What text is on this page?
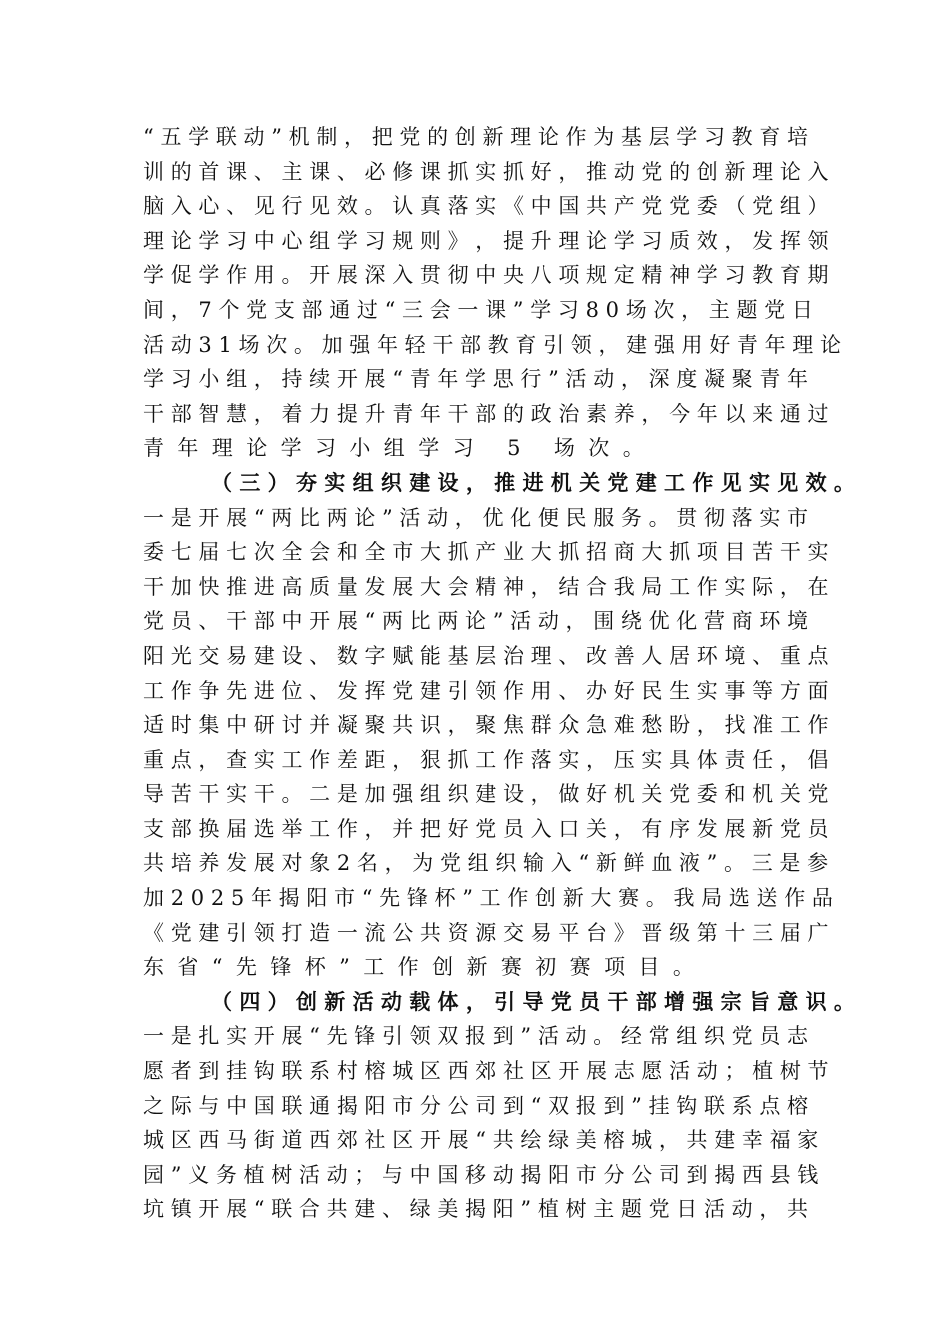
“ 五 学 联 动 ” 机 制 ， 把 党 的 创 新 理 论 作 为 基 层 学 习 教 育 培
训 的 首 课 、 主 课 、 必 修 课 抓 实 抓 好 ， 推 动 党 的 创 新 理 论 入
脑 入 心 、 见 行 见 效 。 认 真 落 实 《 中 国 共 产 党 党 委 （ 党 组 ）
理 论 学 习 中 心 组 学 习 规 则 》 ， 提 升 理 论 学 习 质 效 ， 发 挥 领
学 促 学 作 用 。 开 展 深 入 贯 彻 中 央 八 项 规 定 精 神 学 习 教 育 期
间 ， 7 个 党 支 部 通 过 “ 三 会 一 课 ” 学 习 8 0 场 次 ， 主 题 党 日
活 动 3 1 场 次 。 加 强 年 轻 干 部 教 育 引 领 ， 建 强 用 好 青 年 理 论
学 习 小 组 ， 持 续 开 展 “ 青 年 学 思 行 ” 活 动 ， 深 度 凝 聚 青 年
干 部 智 慧 ， 着 力 提 升 青 年 干 部 的 政 治 素 养 ， 今 年 以 来 通 过
青年理论学习小组学习 5 场次。
（ 三 ） 夯 实 组 织 建 设 ， 推 进 机 关 党 建 工 作 见 实 见 效 。
一 是 开 展 “ 两 比 两 论 ” 活 动 ， 优 化 便 民 服 务 。 贯 彻 落 实 市
委 七 届 七 次 全 会 和 全 市 大 抓 产 业 大 抓 招 商 大 抓 项 目 苦 干 实
干 加 快 推 进 高 质 量 发 展 大 会 精 神 ， 结 合 我 局 工 作 实 际 ， 在
党 员 、 干 部 中 开 展 “ 两 比 两 论 ” 活 动 ， 围 绕 优 化 营 商 环 境
阳 光 交 易 建 设 、 数 字 赋 能 基 层 治 理 、 改 善 人 居 环 境 、 重 点
工 作 争 先 进 位 、 发 挥 党 建 引 领 作 用 、 办 好 民 生 实 事 等 方 面
适 时 集 中 研 讨 并 凝 聚 共 识 ， 聚 焦 群 众 急 难 愁 盼 ， 找 准 工 作
重 点 ， 查 实 工 作 差 距 ， 狠 抓 工 作 落 实 ， 压 实 具 体 责 任 ， 倡
导 苦 干 实 干 。 二 是 加 强 组 织 建 设 ， 做 好 机 关 党 委 和 机 关 党
支 部 换 届 选 举 工 作 ， 并 把 好 党 员 入 口 关 ， 有 序 发 展 新 党 员
共 培 养 发 展 对 象 2 名 ， 为 党 组 织 输 入 “ 新 鲜 血 液 ” 。 三 是 参
加 2 0 2 5 年 揭 阳 市 “ 先 锋 杯 ” 工 作 创 新 大 赛 。 我 局 选 送 作 品
《 党 建 引 领 打 造 一 流 公 共 资 源 交 易 平 台 》 晋 级 第 十 三 届 广
东省“先锋杯”工作创新赛初赛项目。
（ 四 ） 创 新 活 动 载 体 ， 引 导 党 员 干 部 增 强 宗 旨 意 识 。
一 是 扎 实 开 展 “ 先 锋 引 领 双 报 到 ” 活 动 。 经 常 组 织 党 员 志
愿 者 到 挂 钩 联 系 村 榕 城 区 西 郊 社 区 开 展 志 愿 活 动 ； 植 树 节
之 际 与 中 国 联 通 揭 阳 市 分 公 司 到 “ 双 报 到 ” 挂 钩 联 系 点 榕
城 区 西 马 街 道 西 郊 社 区 开 展 “ 共 绘 绿 美 榕 城 ， 共 建 幸 福 家
园 ” 义 务 植 树 活 动 ； 与 中 国 移 动 揭 阳 市 分 公 司 到 揭 西 县 钱
坑 镇 开 展 “ 联 合 共 建 、 绿 美 揭 阳 ” 植 树 主 题 党 日 活 动 ， 共
